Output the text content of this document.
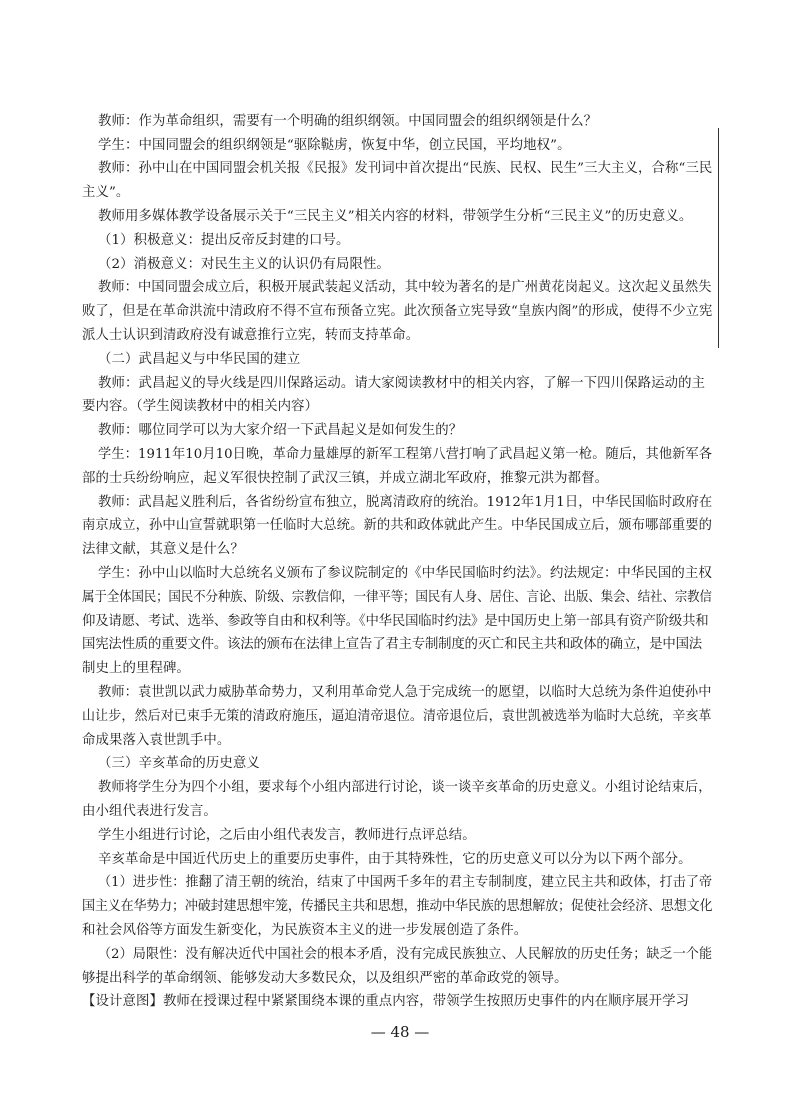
教师：作为革命组织，需要有一个明确的组织纲领。中国同盟会的组织纲领是什么？

学生：中国同盟会的组织纲领是“驱除鞑虏，恢复中华，创立民国，平均地权”。

教师：孙中山在中国同盟会机关报《民报》发刊词中首次提出“民族、民权、民生”三大主义，合称“三民

主义”。

教师用多媒体教学设备展示关于“三民主义”相关内容的材料，带领学生分析“三民主义”的历史意义。

（1）积极意义：提出反帝反封建的口号。

（2）消极意义：对民生主义的认识仍有局限性。

教师：中国同盟会成立后，积极开展武装起义活动，其中较为著名的是广州黄花岗起义。这次起义虽然失

败了，但是在革命洪流中清政府不得不宣布预备立宪。此次预备立宪导致“皇族内阁”的形成，使得不少立宪

派人士认识到清政府没有诚意推行立宪，转而支持革命。

（二）武昌起义与中华民国的建立

教师：武昌起义的导火线是四川保路运动。请大家阅读教材中的相关内容，了解一下四川保路运动的主

要内容。（学生阅读教材中的相关内容）

教师：哪位同学可以为大家介绍一下武昌起义是如何发生的？

学生：1911年10月10日晚，革命力量雄厚的新军工程第八营打响了武昌起义第一枪。随后，其他新军各

部的士兵纷纷响应，起义军很快控制了武汉三镇，并成立湖北军政府，推黎元洪为都督。

教师：武昌起义胜利后，各省纷纷宣布独立，脱离清政府的统治。1912年1月1日，中华民国临时政府在

南京成立，孙中山宣誓就职第一任临时大总统。新的共和政体就此产生。中华民国成立后，颁布哪部重要的

法律文献，其意义是什么？

学生：孙中山以临时大总统名义颁布了参议院制定的《中华民国临时约法》。约法规定：中华民国的主权

属于全体国民；国民不分种族、阶级、宗教信仰，一律平等；国民有人身、居住、言论、出版、集会、结社、宗教信

仰及请愿、考试、选举、参政等自由和权利等。《中华民国临时约法》是中国历史上第一部具有资产阶级共和

国宪法性质的重要文件。该法的颁布在法律上宣告了君主专制制度的灭亡和民主共和政体的确立，是中国法

制史上的里程碑。

教师：袁世凯以武力威胁革命势力，又利用革命党人急于完成统一的愿望，以临时大总统为条件迫使孙中

山让步，然后对已束手无策的清政府施压，逼迫清帝退位。清帝退位后，袁世凯被选举为临时大总统，辛亥革

命成果落入袁世凯手中。

（三）辛亥革命的历史意义

教师将学生分为四个小组，要求每个小组内部进行讨论，谈一谈辛亥革命的历史意义。小组讨论结束后，

由小组代表进行发言。

学生小组进行讨论，之后由小组代表发言，教师进行点评总结。

辛亥革命是中国近代历史上的重要历史事件，由于其特殊性，它的历史意义可以分为以下两个部分。

（1）进步性：推翻了清王朝的统治，结束了中国两千多年的君主专制制度，建立民主共和政体，打击了帝

国主义在华势力；冲破封建思想牢笼，传播民主共和思想，推动中华民族的思想解放；促使社会经济、思想文化

和社会风俗等方面发生新变化，为民族资本主义的进一步发展创造了条件。

（2）局限性：没有解决近代中国社会的根本矛盾，没有完成民族独立、人民解放的历史任务；缺乏一个能

够提出科学的革命纲领、能够发动大多数民众，以及组织严密的革命政党的领导。

【设计意图】教师在授课过程中紧紧围绕本课的重点内容，带领学生按照历史事件的内在顺序展开学习

— 48 —
